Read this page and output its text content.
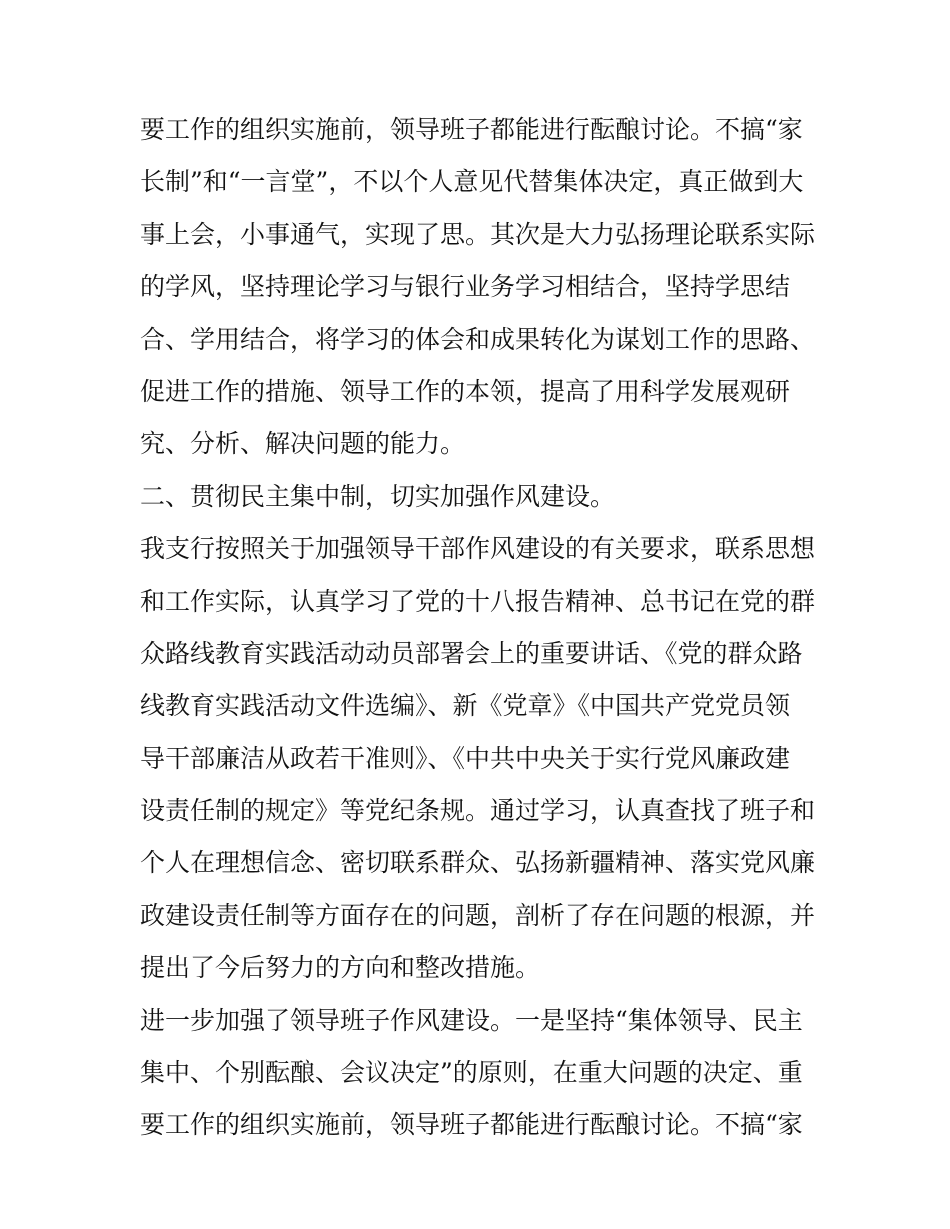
要工作的组织实施前，领导班子都能进行酝酿讨论。不搞“家
长制”和“一言堂”，不以个人意见代替集体决定，真正做到大
事上会，小事通气，实现了思。其次是大力弘扬理论联系实际
的学风，坚持理论学习与银行业务学习相结合，坚持学思结
合、学用结合，将学习的体会和成果转化为谋划工作的思路、
促进工作的措施、领导工作的本领，提高了用科学发展观研
究、分析、解决问题的能力。
二、贯彻民主集中制，切实加强作风建设。
我支行按照关于加强领导干部作风建设的有关要求，联系思想
和工作实际，认真学习了党的十八报告精神、总书记在党的群
众路线教育实践活动动员部署会上的重要讲话、《党的群众路
线教育实践活动文件选编》、新《党章》《中国共产党党员领
导干部廉洁从政若干准则》、《中共中央关于实行党风廉政建
设责任制的规定》等党纪条规。通过学习，认真查找了班子和
个人在理想信念、密切联系群众、弘扬新疆精神、落实党风廉
政建设责任制等方面存在的问题，剖析了存在问题的根源，并
提出了今后努力的方向和整改措施。
进一步加强了领导班子作风建设。一是坚持“集体领导、民主
集中、个别酝酿、会议决定”的原则，在重大问题的决定、重
要工作的组织实施前，领导班子都能进行酝酿讨论。不搞“家
